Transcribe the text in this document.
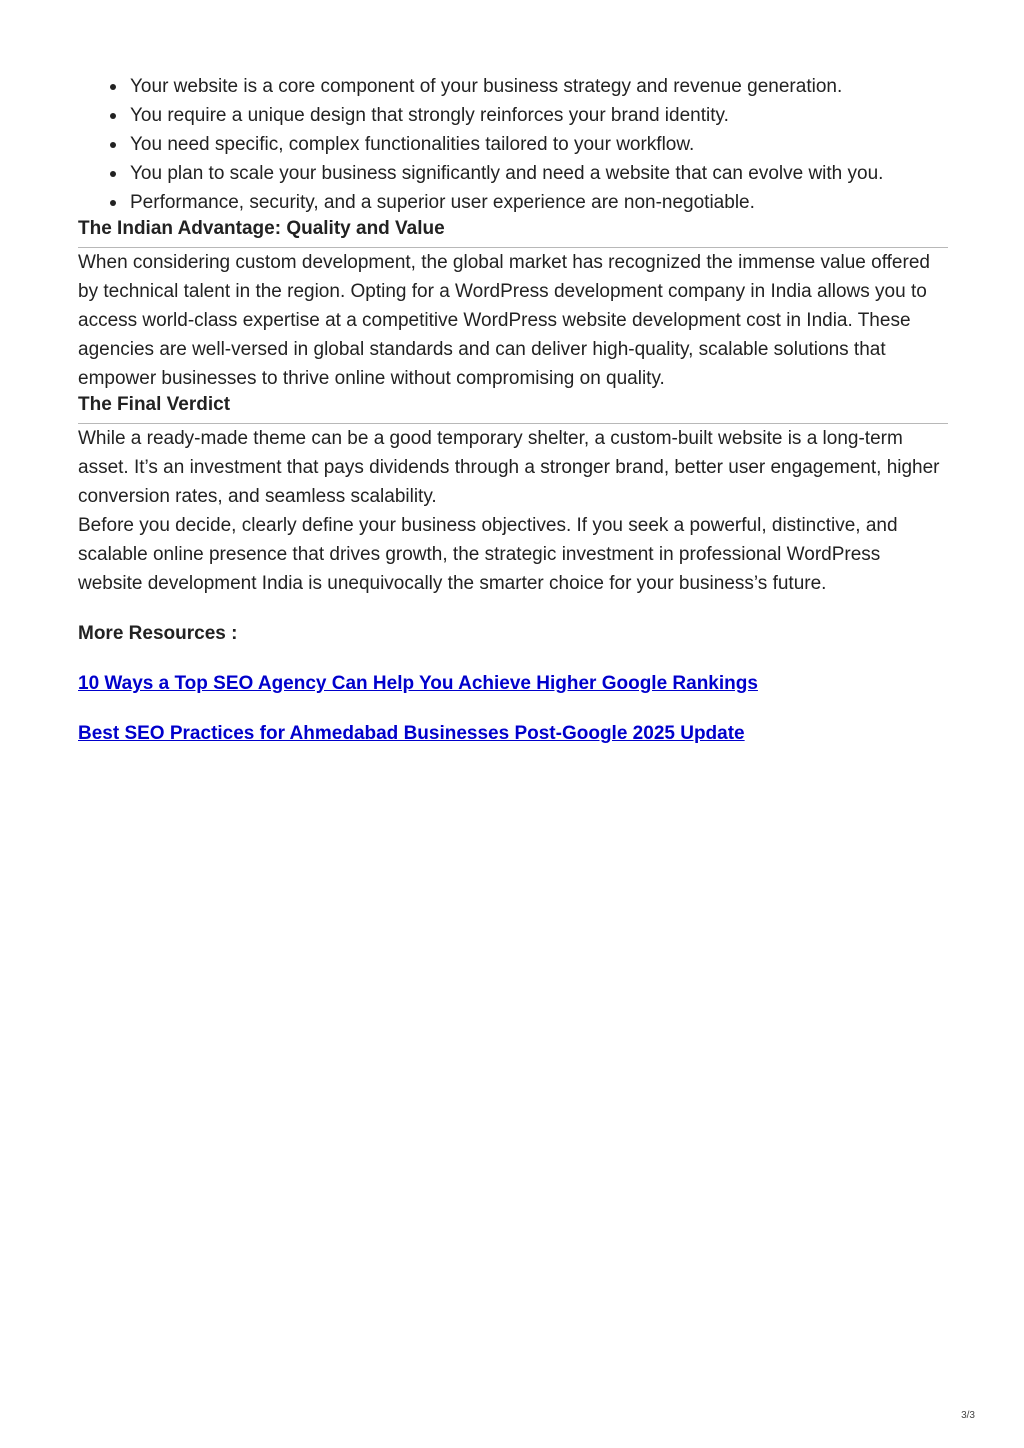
Your website is a core component of your business strategy and revenue generation.
You require a unique design that strongly reinforces your brand identity.
You need specific, complex functionalities tailored to your workflow.
You plan to scale your business significantly and need a website that can evolve with you.
Performance, security, and a superior user experience are non-negotiable.
The Indian Advantage: Quality and Value

When considering custom development, the global market has recognized the immense value offered by technical talent in the region. Opting for a WordPress development company in India allows you to access world-class expertise at a competitive WordPress website development cost in India. These agencies are well-versed in global standards and can deliver high-quality, scalable solutions that empower businesses to thrive online without compromising on quality.

The Final Verdict

While a ready-made theme can be a good temporary shelter, a custom-built website is a long-term asset. It’s an investment that pays dividends through a stronger brand, better user engagement, higher conversion rates, and seamless scalability.

Before you decide, clearly define your business objectives. If you seek a powerful, distinctive, and scalable online presence that drives growth, the strategic investment in professional WordPress website development India is unequivocally the smarter choice for your business’s future.

More Resources :
10 Ways a Top SEO Agency Can Help You Achieve Higher Google Rankings
Best SEO Practices for Ahmedabad Businesses Post-Google 2025 Update
3/3
